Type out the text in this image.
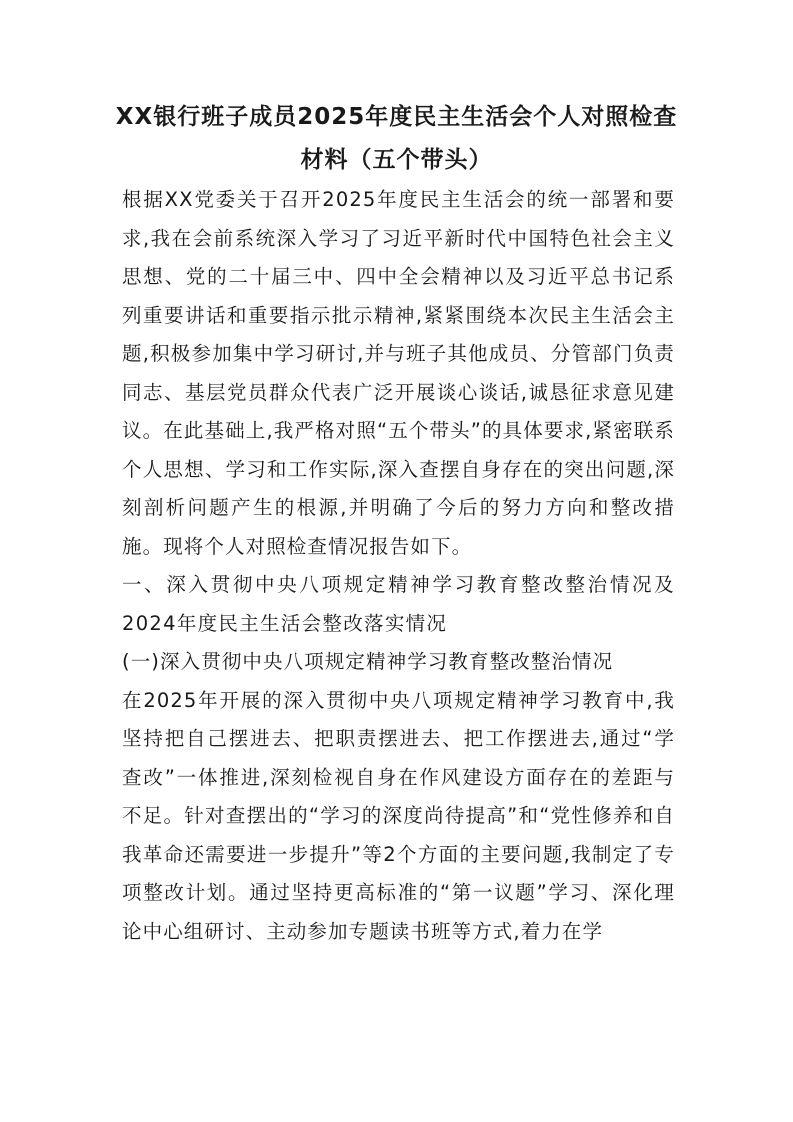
XX银行班子成员2025年度民主生活会个人对照检查
材料（五个带头）

根据XX党委关于召开2025年度民主生活会的统一部署和要求,我在会前系统深入学习了习近平新时代中国特色社会主义思想、党的二十届三中、四中全会精神以及习近平总书记系列重要讲话和重要指示批示精神,紧紧围绕本次民主生活会主题,积极参加集中学习研讨,并与班子其他成员、分管部门负责同志、基层党员群众代表广泛开展谈心谈话,诚恳征求意见建议。在此基础上,我严格对照“五个带头”的具体要求,紧密联系个人思想、学习和工作实际,深入查摆自身存在的突出问题,深刻剖析问题产生的根源,并明确了今后的努力方向和整改措施。现将个人对照检查情况报告如下。

一、深入贯彻中央八项规定精神学习教育整改整治情况及2024年度民主生活会整改落实情况

(一)深入贯彻中央八项规定精神学习教育整改整治情况

在2025年开展的深入贯彻中央八项规定精神学习教育中,我坚持把自己摆进去、把职责摆进去、把工作摆进去,通过“学查改”一体推进,深刻检视自身在作风建设方面存在的差距与不足。针对查摆出的“学习的深度尚待提高”和“党性修养和自我革命还需要进一步提升”等2个方面的主要问题,我制定了专项整改计划。通过坚持更高标准的“第一议题”学习、深化理论中心组研讨、主动参加专题读书班等方式,着力在学
